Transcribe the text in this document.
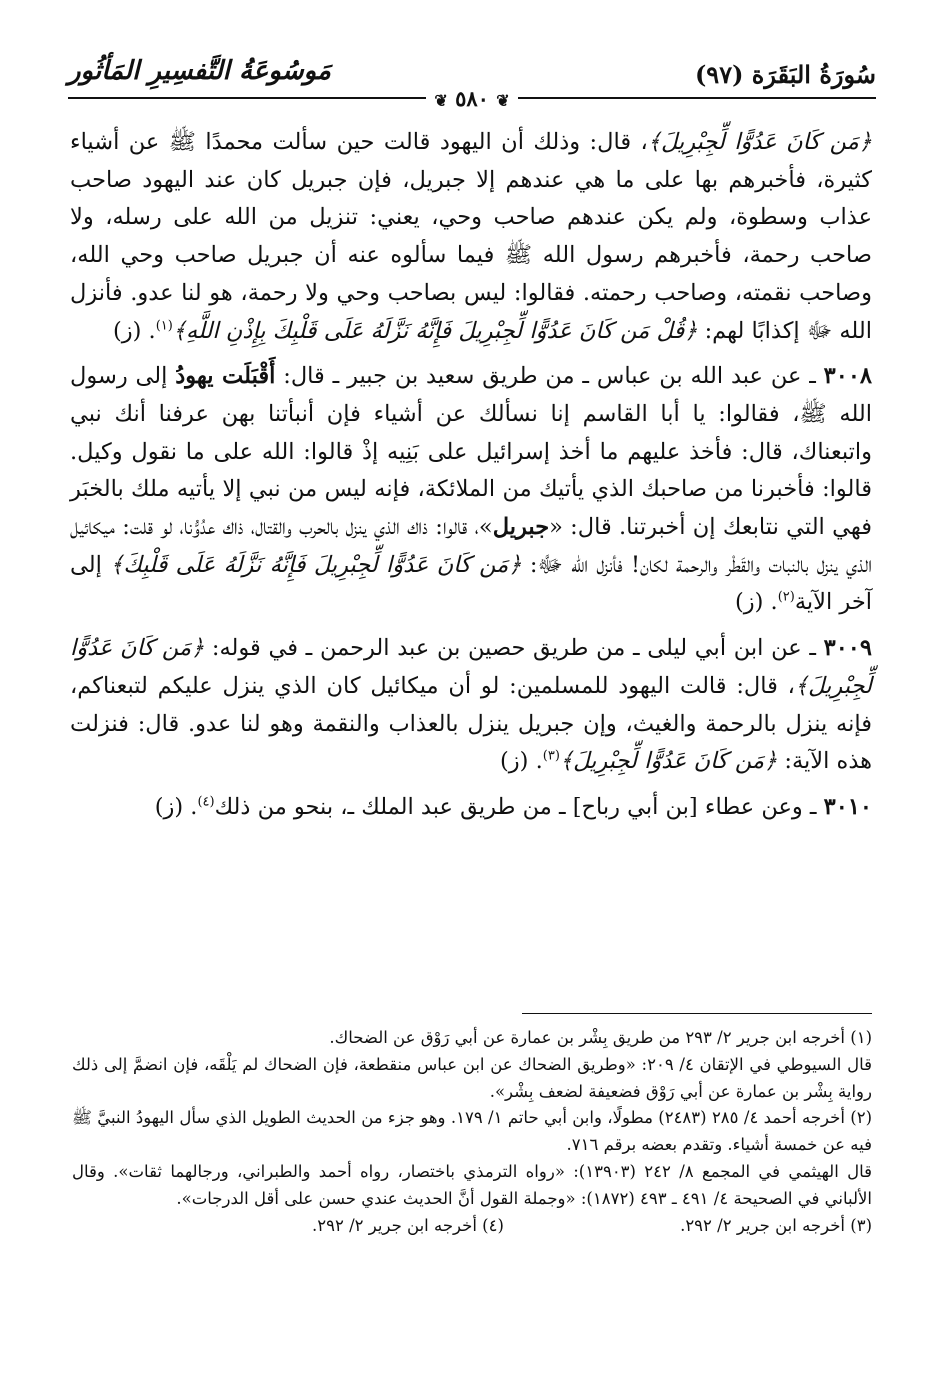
سُورَةُ البَقَرَة (٩٧)
مَوسُوعَةُ التَّفسِيرِ المَأثُور
❦ ٥٨٠ ❦

﴿مَن كَانَ عَدُوًّا لِّجِبْرِيلَ﴾، قال: وذلك أن اليهود قالت حين سألت محمدًا ﷺ عن أشياء كثيرة، فأخبرهم بها على ما هي عندهم إلا جبريل، فإن جبريل كان عند اليهود صاحب عذاب وسطوة، ولم يكن عندهم صاحب وحي، يعني: تنزيل من الله على رسله، ولا صاحب رحمة، فأخبرهم رسول الله ﷺ فيما سألوه عنه أن جبريل صاحب وحي الله، وصاحب نقمته، وصاحب رحمته. فقالوا: ليس بصاحب وحي ولا رحمة، هو لنا عدو. فأنزل الله ﷻ إكذابًا لهم: ﴿قُلْ مَن كَانَ عَدُوًّا لِّجِبْرِيلَ فَإِنَّهُ نَزَّلَهُ عَلَى قَلْبِكَ بِإِذْنِ اللَّهِ﴾$^{(١)}$. (ز)

٣٠٠٨ ـ عن عبد الله بن عباس ـ من طريق سعيد بن جبير ـ قال: أَقْبَلَت يهودُ إلى رسول الله ﷺ، فقالوا: يا أبا القاسم إنا نسألك عن أشياء فإن أنبأتنا بهن عرفنا أنك نبي واتبعناك، قال: فأخذ عليهم ما أخذ إسرائيل على بَنِيه إذْ قالوا: الله على ما نقول وكيل. قالوا: فأخبرنا من صاحبك الذي يأتيك من الملائكة، فإنه ليس من نبي إلا يأتيه ملك بالخبَر فهي التي نتابعك إن أخبرتنا. قال: «جبريل»، قالوا: ذاك الذي ينزل بالحرب والقتال، ذاك عدُوُّنا، لو قلت: ميكائيل الذي ينزل بالنبات والقَطْر والرحمة لكان! فأنزل الله ﷻ: ﴿مَن كَانَ عَدُوًّا لِّجِبْرِيلَ فَإِنَّهُ نَزَّلَهُ عَلَى قَلْبِكَ﴾ إلى آخر الآية$^{(٢)}$. (ز)

٣٠٠٩ ـ عن ابن أبي ليلى ـ من طريق حصين بن عبد الرحمن ـ في قوله: ﴿مَن كَانَ عَدُوًّا لِّجِبْرِيلَ﴾، قال: قالت اليهود للمسلمين: لو أن ميكائيل كان الذي ينزل عليكم لتبعناكم، فإنه ينزل بالرحمة والغيث، وإن جبريل ينزل بالعذاب والنقمة وهو لنا عدو. قال: فنزلت هذه الآية: ﴿مَن كَانَ عَدُوًّا لِّجِبْرِيلَ﴾$^{(٣)}$. (ز)

٣٠١٠ ـ وعن عطاء [بن أبي رباح] ـ من طريق عبد الملك ـ، بنحو من ذلك$^{(٤)}$. (ز)

(١) أخرجه ابن جرير ٢/ ٢٩٣ من طريق بِشْر بن عمارة عن أبي رَوْق عن الضحاك.

قال السيوطي في الإتقان ٤/ ٢٠٩: «وطريق الضحاك عن ابن عباس منقطعة، فإن الضحاك لم يَلْقَه، فإن انضمَّ إلى ذلك رواية بِشْر بن عمارة عن أبي رَوْق فضعيفة لضعف بِشْر».

(٢) أخرجه أحمد ٤/ ٢٨٥ (٢٤٨٣) مطولًا، وابن أبي حاتم ١/ ١٧٩. وهو جزء من الحديث الطويل الذي سأل اليهودُ النبيَّ ﷺ فيه عن خمسة أشياء. وتقدم بعضه برقم ٧١٦.

قال الهيثمي في المجمع ٨/ ٢٤٢ (١٣٩٠٣): «رواه الترمذي باختصار، رواه أحمد والطبراني، ورجالهما ثقات». وقال الألباني في الصحيحة ٤/ ٤٩١ ـ ٤٩٣ (١٨٧٢): «وجملة القول أنَّ الحديث عندي حسن على أقل الدرجات».

(٣) أخرجه ابن جرير ٢/ ٢٩٢.
(٤) أخرجه ابن جرير ٢/ ٢٩٢.
